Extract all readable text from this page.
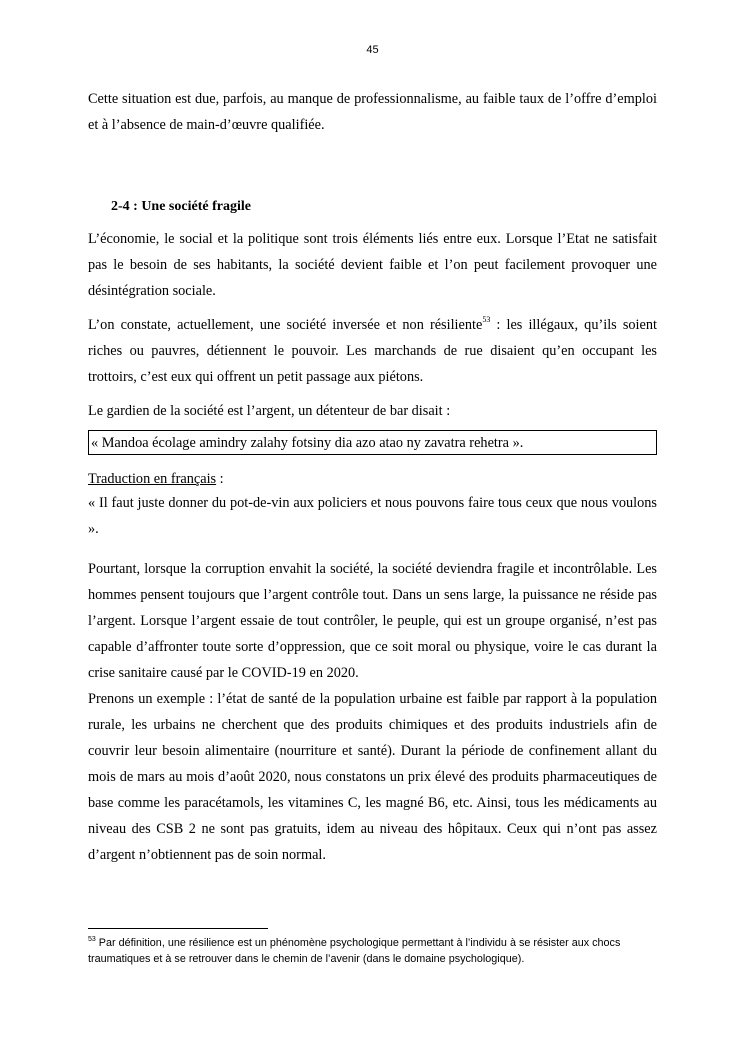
45

Cette situation est due, parfois, au manque de professionnalisme, au faible taux de l’offre d’emploi et à l’absence de main-d’œuvre qualifiée.

2-4 : Une société fragile

L’économie, le social et la politique sont trois éléments liés entre eux. Lorsque l’Etat ne satisfait pas le besoin de ses habitants, la société devient faible et l’on peut facilement provoquer une désintégration sociale.

L’on constate, actuellement, une société inversée et non résiliente$^{53}$ : les illégaux, qu’ils soient riches ou pauvres, détiennent le pouvoir. Les marchands de rue disaient qu’en occupant les trottoirs, c’est eux qui offrent un petit passage aux piétons.

Le gardien de la société est l’argent, un détenteur de bar disait :

« Mandoa écolage amindry zalahy fotsiny dia azo atao ny zavatra rehetra ».

Traduction en français :

« Il faut juste donner du pot-de-vin aux policiers et nous pouvons faire tous ceux que nous voulons ».

Pourtant, lorsque la corruption envahit la société, la société deviendra fragile et incontrôlable. Les hommes pensent toujours que l’argent contrôle tout. Dans un sens large, la puissance ne réside pas l’argent. Lorsque l’argent essaie de tout contrôler, le peuple, qui est un groupe organisé, n’est pas capable d’affronter toute sorte d’oppression, que ce soit moral ou physique, voire le cas durant la crise sanitaire causé par le COVID-19 en 2020.

Prenons un exemple : l’état de santé de la population urbaine est faible par rapport à la population rurale, les urbains ne cherchent que des produits chimiques et des produits industriels afin de couvrir leur besoin alimentaire (nourriture et santé). Durant la période de confinement allant du mois de mars au mois d’août 2020, nous constatons un prix élevé des produits pharmaceutiques de base comme les paracétamols, les vitamines C, les magné B6, etc. Ainsi, tous les médicaments au niveau des CSB 2 ne sont pas gratuits, idem au niveau des hôpitaux. Ceux qui n’ont pas assez d’argent n’obtiennent pas de soin normal.

$^{53}$ Par définition, une résilience est un phénomène psychologique permettant à l’individu à se résister aux chocs traumatiques et à se retrouver dans le chemin de l’avenir (dans le domaine psychologique).
